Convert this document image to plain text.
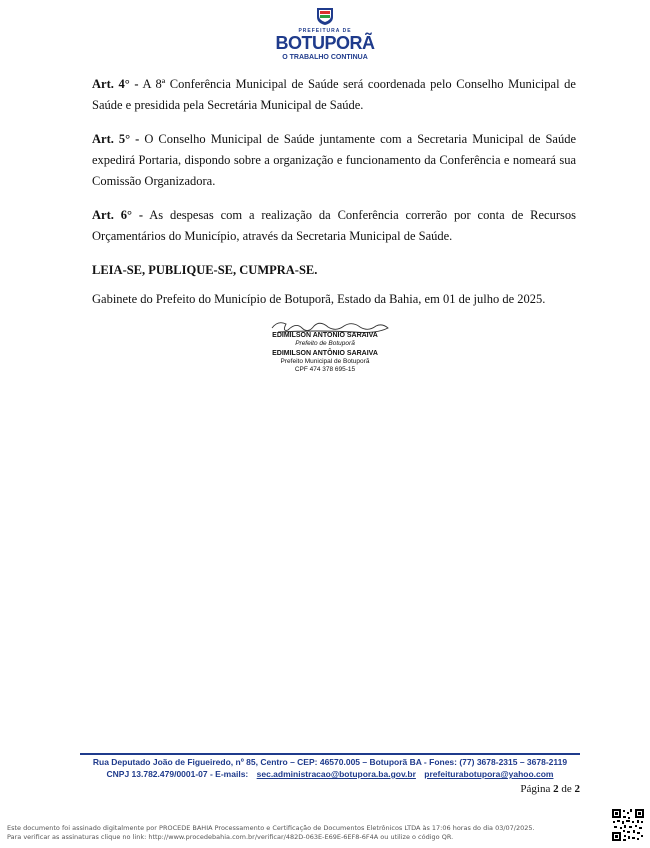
PREFEITURA DE
BOTUPORÃ
O TRABALHO CONTINUA

Art. 4° - A 8ª Conferência Municipal de Saúde será coordenada pelo Conselho Municipal de Saúde e presidida pela Secretária Municipal de Saúde.

Art. 5° - O Conselho Municipal de Saúde juntamente com a Secretaria Municipal de Saúde expedirá Portaria, dispondo sobre a organização e funcionamento da Conferência e nomeará sua Comissão Organizadora.

Art. 6° - As despesas com a realização da Conferência correrão por conta de Recursos Orçamentários do Município, através da Secretaria Municipal de Saúde.

LEIA-SE, PUBLIQUE-SE, CUMPRA-SE.

Gabinete do Prefeito do Município de Botuporã, Estado da Bahia, em 01 de julho de 2025.

EDIMILSON ANTONIO SARAIVA
Prefeito de Botuporã
EDIMILSON ANTÔNIO SARAIVA
Prefeito Municipal de Botuporã
CPF 474 378 695-15
Rua Deputado João de Figueiredo, nº 85, Centro – CEP: 46570.005 – Botuporã BA - Fones: (77) 3678-2315 – 3678-2119
CNPJ 13.782.479/0001-07 - E-mails: sec.administracao@botupora.ba.gov.br prefeiturabotupora@yahoo.com
Página 2 de 2
Este documento foi assinado digitalmente por PROCEDE BAHIA Processamento e Certificação de Documentos Eletrônicos LTDA às 17:06 horas do dia 03/07/2025.
Para verificar as assinaturas clique no link: http://www.procedebahia.com.br/verificar/482D-063E-E69E-6EF8-6F4A ou utilize o código QR.
